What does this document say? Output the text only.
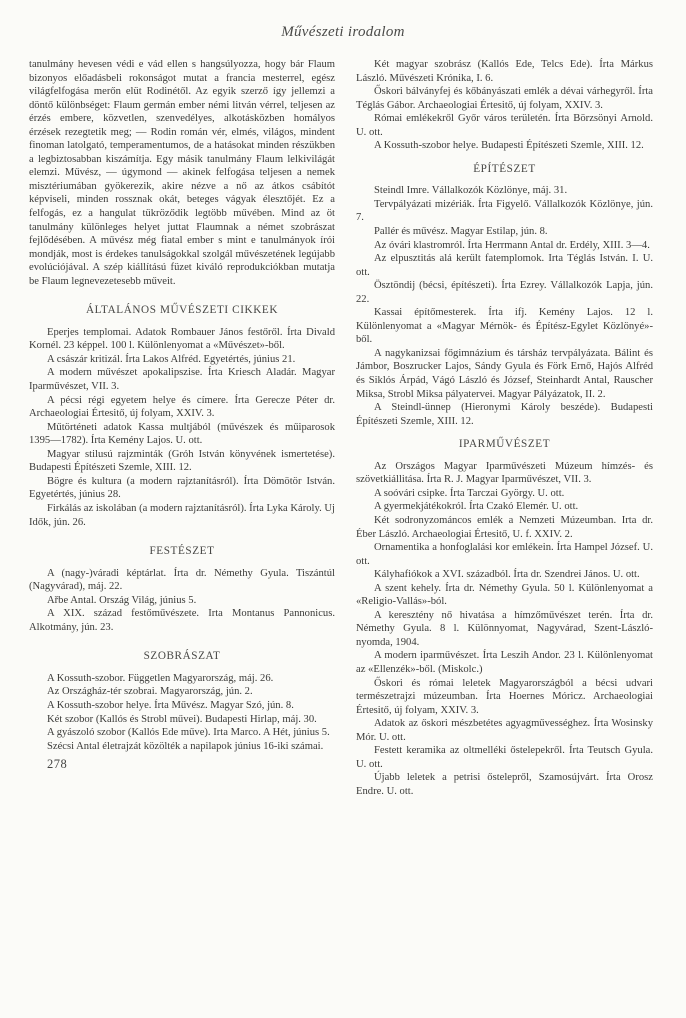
Művészeti irodalom

tanulmány hevesen védi e vád ellen s hangsúlyozza, hogy bár Flaum bizonyos előadásbeli rokonságot mutat a francia mesterrel, egész világfelfogása merőn elüt Rodinétől. Az egyik szerző így jellemzi a döntő különbséget: Flaum germán ember némi litván vérrel, teljesen az érzés embere, közvetlen, szenvedélyes, alkotásközben homályos érzések rezegtetik meg; — Rodin román vér, elmés, világos, mindent finoman latolgató, temperamentumos, de a hatásokat minden részükben a legbiztosabban kiszámítja. Egy másik tanulmány Flaum lelkivilágát elemzi. Művész, — úgymond — akinek felfogása teljesen a nemek misztériumában gyökerezik, akire nézve a nő az átkos csábítót képviseli, minden rossznak okát, beteges vágyak élesztőjét. Ez a felfogás, ez a hangulat tükröződik legtöbb művében. Mind az öt tanulmány különleges helyet juttat Flaumnak a német szobrászat fejlődésében. A művész még fiatal ember s mint e tanulmányok írói mondják, most is érdekes tanulságokkal szolgál művészetének legújabb evolúciójával. A szép kiállítású füzet kiváló reprodukciókban mutatja be Flaum legnevezetesebb műveit.

ÁLTALÁNOS MŰVÉSZETI CIKKEK

Eperjes templomai. Adatok Rombauer János festőről. Írta Divald Kornél. 23 képpel. 100 l. Különlenyomat a «Művészet»-ből.

A császár kritizál. Írta Lakos Alfréd. Egyetértés, június 21.

A modern művészet apokalipszise. Írta Kriesch Aladár. Magyar Iparművészet, VII. 3.

A pécsi régi egyetem helye és címere. Írta Gerecze Péter dr. Archaeologiai Értesitő, új folyam, XXIV. 3.

Műtörténeti adatok Kassa multjából (művészek és műiparosok 1395—1782). Írta Kemény Lajos. U. ott.

Magyar stilusú rajzminták (Gróh István könyvének ismertetése). Budapesti Építészeti Szemle, XIII. 12.

Bögre és kultura (a modern rajztanításról). Írta Dömötör István. Egyetértés, június 28.

Firkálás az iskolában (a modern rajztanításról). Írta Lyka Károly. Uj Idők, jún. 26.

FESTÉSZET

A (nagy-)váradi képtárlat. Írta dr. Némethy Gyula. Tiszántúl (Nagyvárad), máj. 22.

Ařbe Antal. Ország Világ, június 5.

A XIX. század festőművészete. Irta Montanus Pannonicus. Alkotmány, jún. 23.

SZOBRÁSZAT

A Kossuth-szobor. Független Magyarország, máj. 26.

Az Országház-tér szobrai. Magyarország, jún. 2.

A Kossuth-szobor helye. Írta Művész. Magyar Szó, jún. 8.

Két szobor (Kallós és Strobl művei). Budapesti Hirlap, máj. 30.

A gyászoló szobor (Kallós Ede műve). Irta Marco. A Hét, június 5.

Szécsi Antal életrajzát közölték a napilapok június 16-iki számai.

278

Két magyar szobrász (Kallós Ede, Telcs Ede). Írta Márkus László. Művészeti Krónika, I. 6.

Őskori bálványfej és kőbányászati emlék a dévai várhegyről. Írta Téglás Gábor. Archaeologiai Értesitő, új folyam, XXIV. 3.

Római emlékekről Győr város területén. Írta Börzsönyi Arnold. U. ott.

A Kossuth-szobor helye. Budapesti Építészeti Szemle, XIII. 12.

ÉPÍTÉSZET

Steindl Imre. Vállalkozók Közlönye, máj. 31.

Tervpályázati mizériák. Írta Figyelő. Vállalkozók Közlönye, jún. 7.

Pallér és művész. Magyar Estilap, jún. 8.

Az óvári klastromról. Írta Herrmann Antal dr. Erdély, XIII. 3—4.

Az elpusztitás alá került fatemplomok. Irta Téglás István. I. U. ott.

Ösztöndij (bécsi, építészeti). Írta Ezrey. Vállalkozók Lapja, jún. 22.

Kassai építőmesterek. Írta ifj. Kemény Lajos. 12 l. Különlenyomat a «Magyar Mérnök- és Építész-Egylet Közlönyé»-ből.

A nagykanizsai főgimnázium és társház tervpályázata. Bálint és Jámbor, Boszrucker Lajos, Sándy Gyula és Förk Ernő, Hajós Alfréd és Siklós Árpád, Vágó László és József, Steinhardt Antal, Rauscher Miksa, Strobl Miksa pályatervei. Magyar Pályázatok, II. 2.

A Steindl-ünnep (Hieronymi Károly beszéde). Budapesti Építészeti Szemle, XIII. 12.

IPARMŰVÉSZET

Az Országos Magyar Iparművészeti Múzeum hímzés- és szövetkiállitása. Írta R. J. Magyar Iparművészet, VII. 3.

A soóvári csipke. Írta Tarczai György. U. ott.

A gyermekjátékokról. Írta Czakó Elemér. U. ott.

Két sodronyzománcos emlék a Nemzeti Múzeumban. Irta dr. Éber László. Archaeologiai Értesitő, U. f. XXIV. 2.

Ornamentika a honfoglalási kor emlékein. Írta Hampel József. U. ott.

Kályhafiókok a XVI. századból. Írta dr. Szendrei János. U. ott.

A szent kehely. Írta dr. Némethy Gyula. 50 l. Különlenyomat a «Religio-Vallás»-ból.

A keresztény nő hivatása a hímzőművészet terén. Írta dr. Némethy Gyula. 8 l. Különnyomat, Nagyvárad, Szent-László-nyomda, 1904.

A modern iparművészet. Írta Leszih Andor. 23 l. Különlenyomat az «Ellenzék»-ből. (Miskolc.)

Őskori és római leletek Magyarországból a bécsi udvari természetrajzi múzeumban. Írta Hoernes Móricz. Archaeologiai Értesitő, új folyam, XXIV. 3.

Adatok az őskori mészbetétes agyagművességhez. Írta Wosinsky Mór. U. ott.

Festett keramika az oltmelléki őstelepekről. Írta Teutsch Gyula. U. ott.

Újabb leletek a petrisi őstelepről, Szamosújvárt. Írta Orosz Endre. U. ott.
